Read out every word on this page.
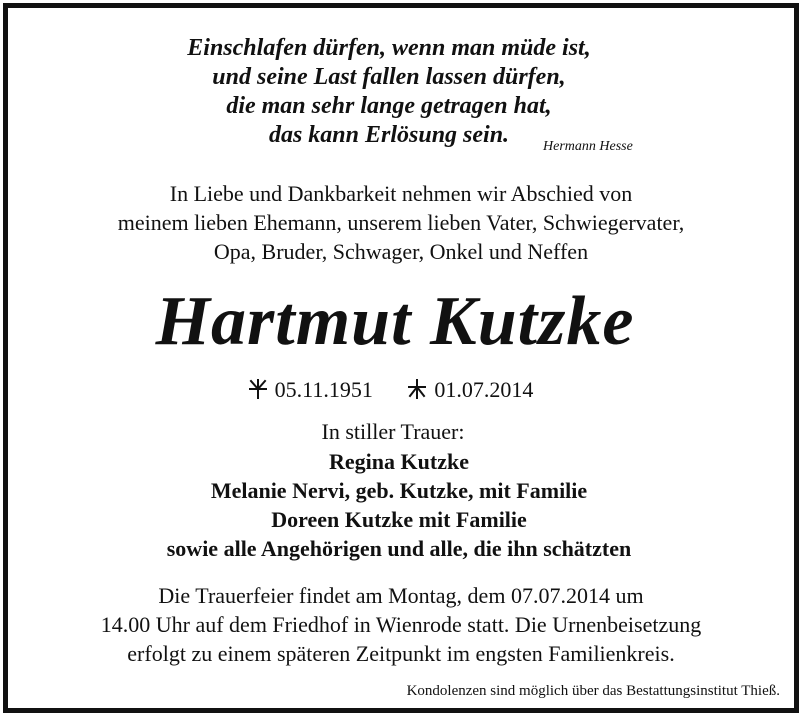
Einschlafen dürfen, wenn man müde ist,
und seine Last fallen lassen dürfen,
die man sehr lange getragen hat,
das kann Erlösung sein.	Hermann Hesse
In Liebe und Dankbarkeit nehmen wir Abschied von
meinem lieben Ehemann, unserem lieben Vater, Schwiegervater,
Opa, Bruder, Schwager, Onkel und Neffen
Hartmut Kutzke
05.11.1951	01.07.2014
In stiller Trauer:
Regina Kutzke
Melanie Nervi, geb. Kutzke, mit Familie
Doreen Kutzke mit Familie
sowie alle Angehörigen und alle, die ihn schätzten
Die Trauerfeier findet am Montag, dem 07.07.2014 um
14.00 Uhr auf dem Friedhof in Wienrode statt. Die Urnenbeisetzung
erfolgt zu einem späteren Zeitpunkt im engsten Familienkreis.
Kondolenzen sind möglich über das Bestattungsinstitut Thieß.
